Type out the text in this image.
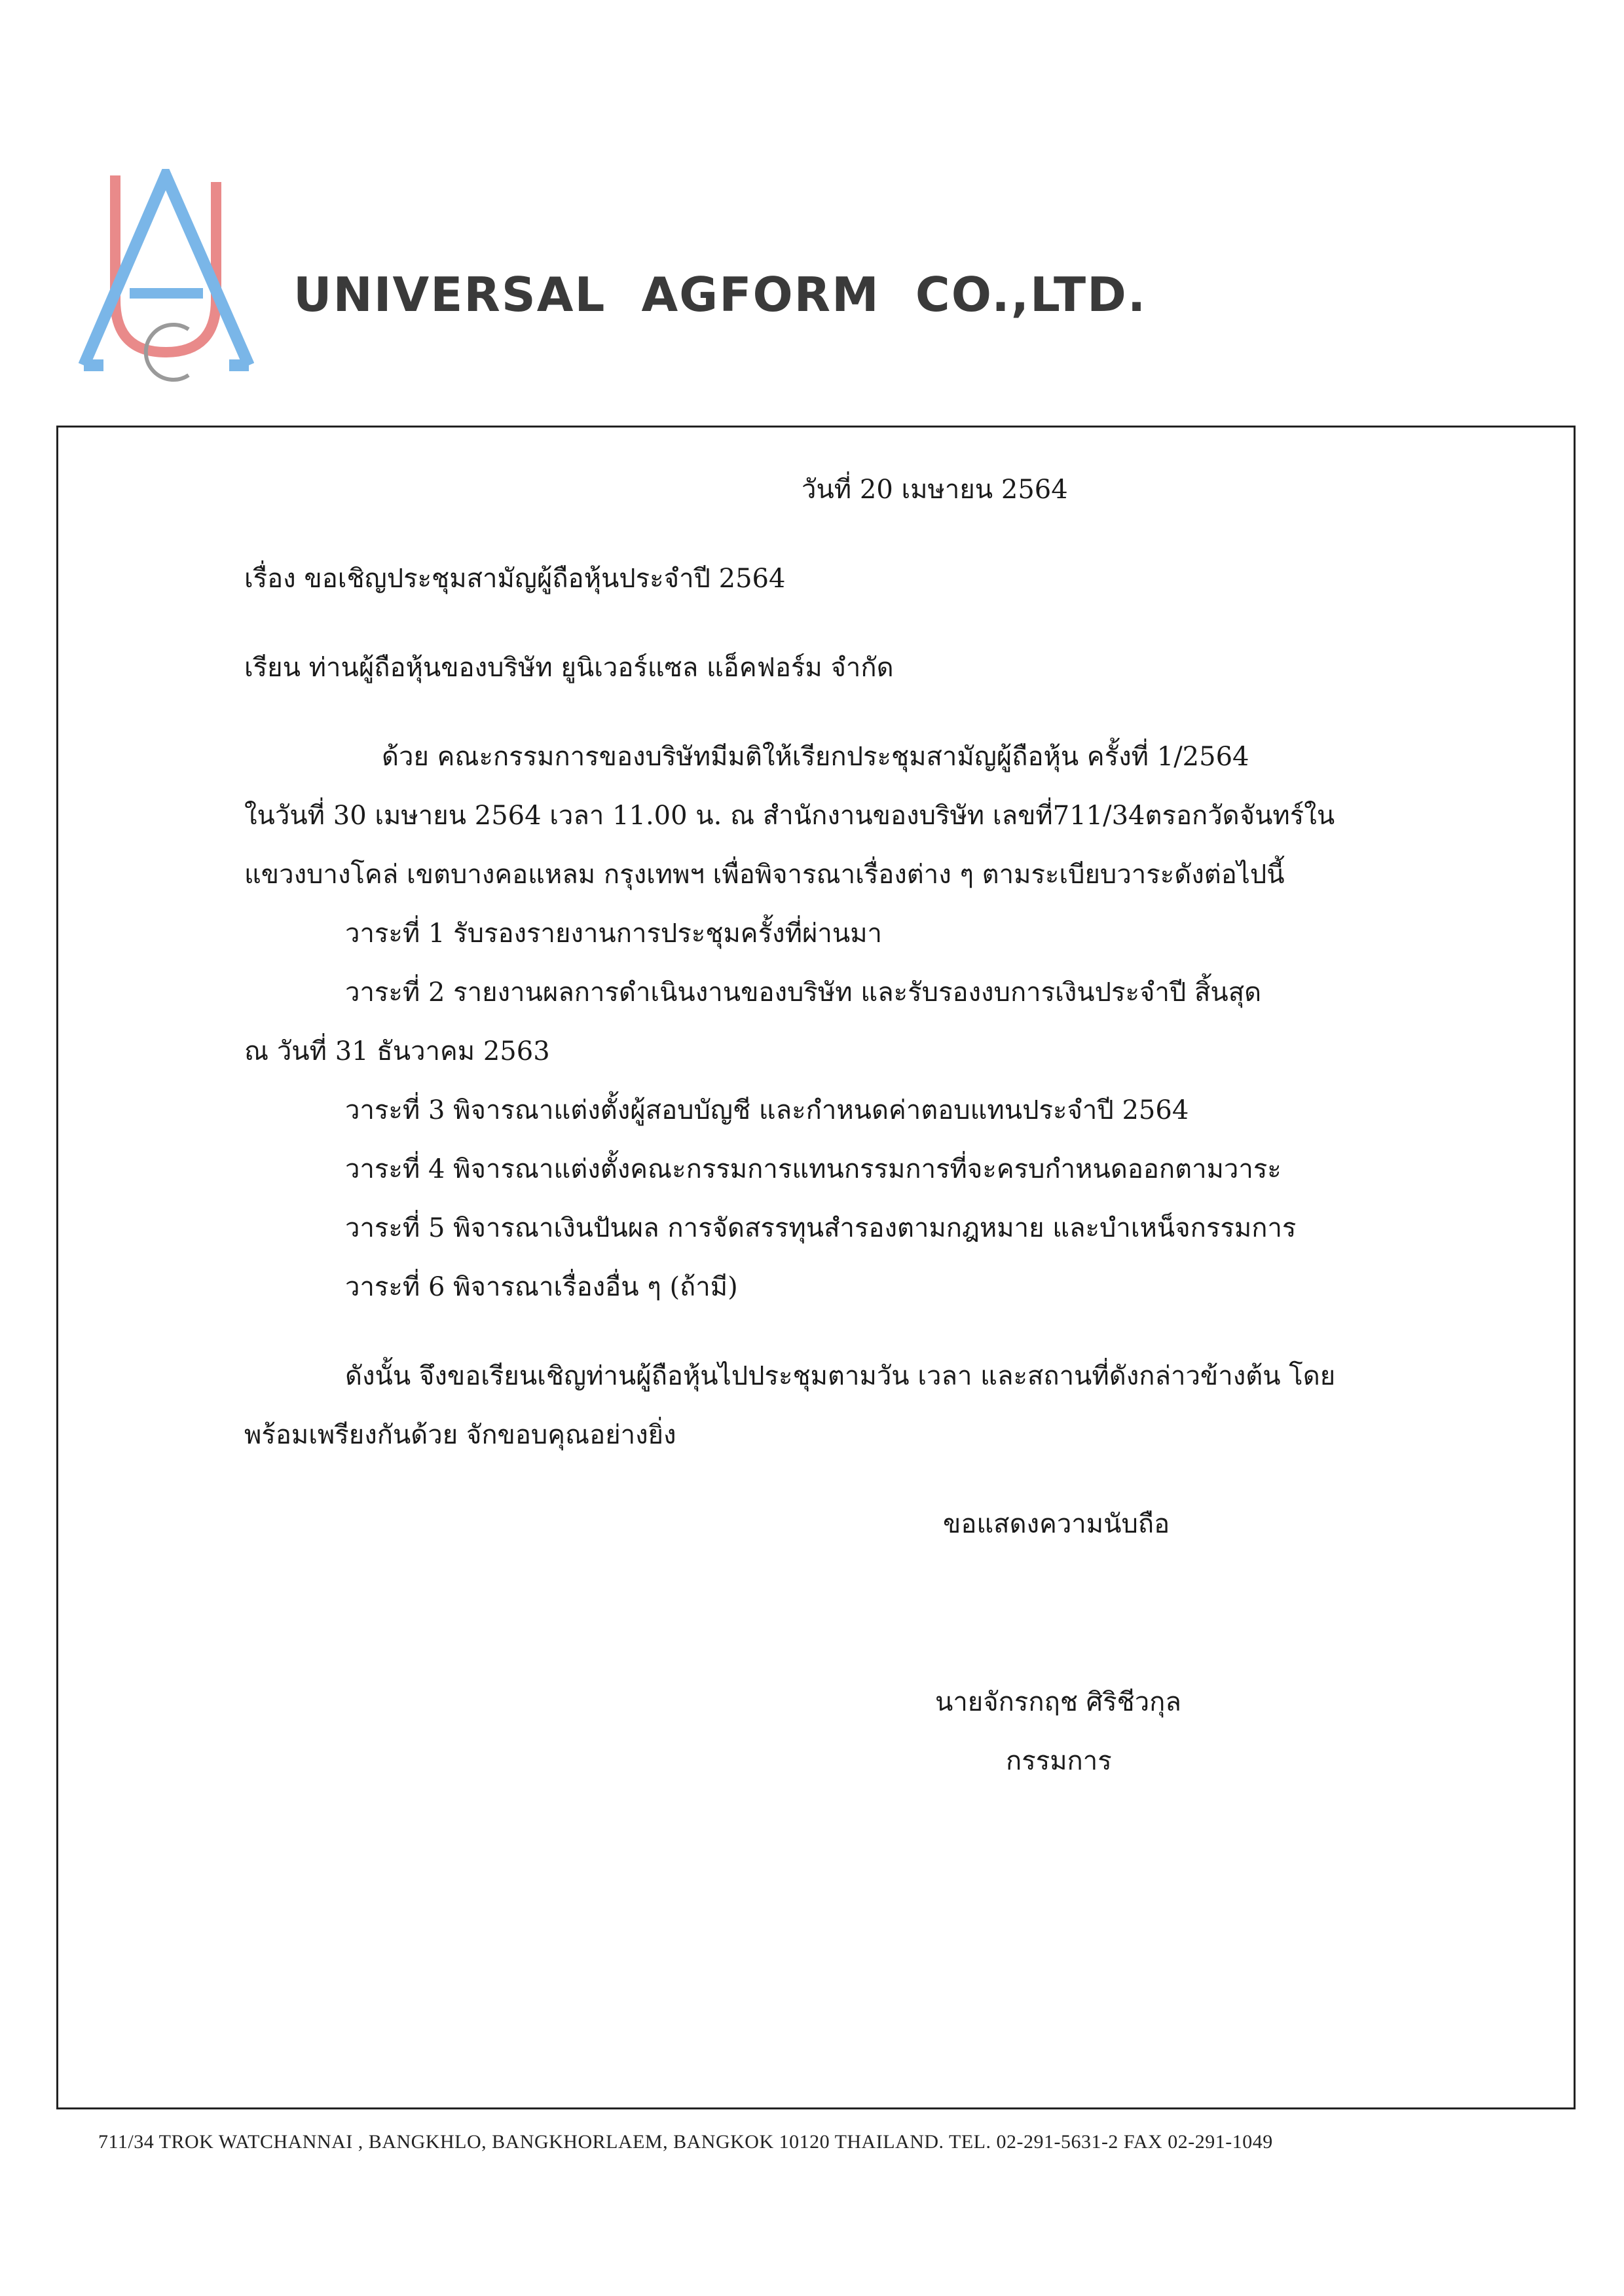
UNIVERSAL  AGFORM  CO.,LTD.
วันที่ 20 เมษายน 2564
เรื่อง ขอเชิญประชุมสามัญผู้ถือหุ้นประจำปี 2564
เรียน ท่านผู้ถือหุ้นของบริษัท ยูนิเวอร์แซล แอ็คฟอร์ม จำกัด
ด้วย คณะกรรมการของบริษัทมีมติให้เรียกประชุมสามัญผู้ถือหุ้น ครั้งที่ 1/2564
ในวันที่ 30 เมษายน 2564 เวลา 11.00 น. ณ สำนักงานของบริษัท เลขที่711/34ตรอกวัดจันทร์ใน
แขวงบางโคล่ เขตบางคอแหลม กรุงเทพฯ เพื่อพิจารณาเรื่องต่าง ๆ ตามระเบียบวาระดังต่อไปนี้
วาระที่ 1 รับรองรายงานการประชุมครั้งที่ผ่านมา
วาระที่ 2 รายงานผลการดำเนินงานของบริษัท และรับรองงบการเงินประจำปี สิ้นสุด
ณ วันที่ 31 ธันวาคม 2563
วาระที่ 3 พิจารณาแต่งตั้งผู้สอบบัญชี และกำหนดค่าตอบแทนประจำปี 2564
วาระที่ 4 พิจารณาแต่งตั้งคณะกรรมการแทนกรรมการที่จะครบกำหนดออกตามวาระ
วาระที่ 5 พิจารณาเงินปันผล การจัดสรรทุนสำรองตามกฎหมาย และบำเหน็จกรรมการ
วาระที่ 6 พิจารณาเรื่องอื่น ๆ (ถ้ามี)
ดังนั้น จึงขอเรียนเชิญท่านผู้ถือหุ้นไปประชุมตามวัน เวลา และสถานที่ดังกล่าวข้างต้น โดย
พร้อมเพรียงกันด้วย จักขอบคุณอย่างยิ่ง
ขอแสดงความนับถือ
นายจักรกฤช ศิริชีวกุล
กรรมการ
711/34 TROK WATCHANNAI , BANGKHLO, BANGKHORLAEM, BANGKOK 10120 THAILAND. TEL. 02-291-5631-2 FAX 02-291-1049
